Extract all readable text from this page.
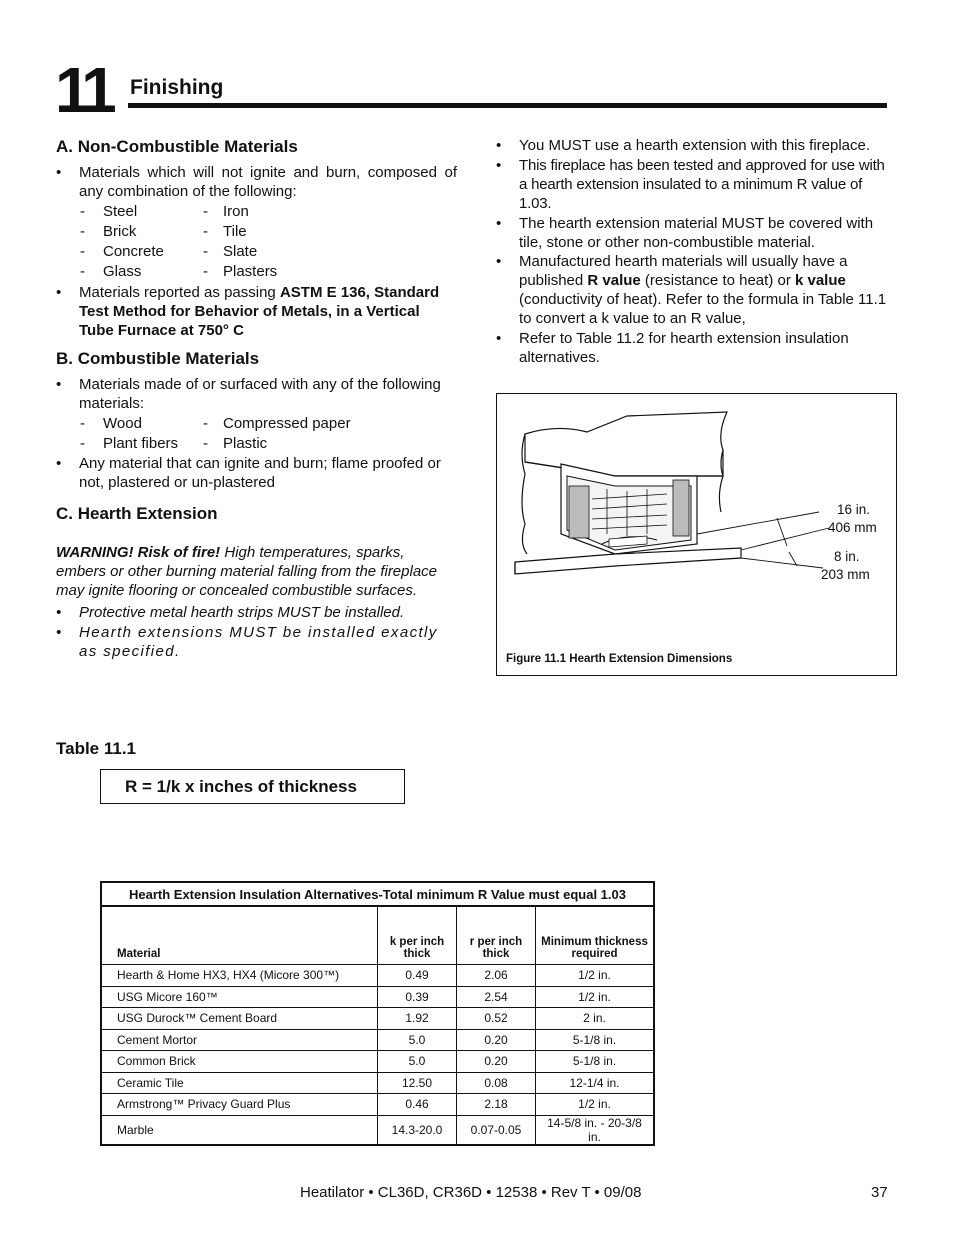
11 Finishing
A. Non-Combustible Materials
• Materials which will not ignite and burn, composed of any combination of the following:
- Steel	- Iron
- Brick	- Tile
- Concrete	- Slate
- Glass	- Plasters
• Materials reported as passing ASTM E 136, Standard Test Method for Behavior of Metals, in a Vertical Tube Furnace at 750° C
B. Combustible Materials
• Materials made of or surfaced with any of the following materials:
- Wood	- Compressed paper
- Plant fibers - Plastic
• Any material that can ignite and burn; flame proofed or not, plastered or un-plastered
C. Hearth Extension
WARNING! Risk of fire! High temperatures, sparks, embers or other burning material falling from the fireplace may ignite flooring or concealed combustible surfaces.
• Protective metal hearth strips MUST be installed.
• Hearth extensions MUST be installed exactly as specified.
• You MUST use a hearth extension with this fireplace.
• This fireplace has been tested and approved for use with a hearth extension insulated to a minimum R value of 1.03.
• The hearth extension material MUST be covered with tile, stone or other non-combustible material.
• Manufactured hearth materials will usually have a published R value (resistance to heat) or k value (conductivity of heat). Refer to the formula in Table 11.1 to convert a k value to an R value,
• Refer to Table 11.2 for hearth extension insulation alternatives.
16 in.
406 mm
8 in.
203 mm
Figure 11.1 Hearth Extension Dimensions
Table 11.1
R = 1/k x inches of thickness
Hearth Extension Insulation Alternatives-Total minimum R Value must equal 1.03			
Material	k per inch thick	r per inch thick	Minimum thickness required
Hearth & Home HX3, HX4 (Micore 300™)	0.49	2.06	1/2 in.
USG Micore 160™	0.39	2.54	1/2 in.
USG Durock™ Cement Board	1.92	0.52	2 in.
Cement Mortor	5.0	0.20	5-1/8 in.
Common Brick	5.0	0.20	5-1/8 in.
Ceramic Tile	12.50	0.08	12-1/4 in.
Armstrong™ Privacy Guard Plus	0.46	2.18	1/2 in.
Marble	14.3-20.0	0.07-0.05	14-5/8 in. - 20-3/8 in.
Heatilator • CL36D, CR36D • 12538 • Rev T • 09/08	37
